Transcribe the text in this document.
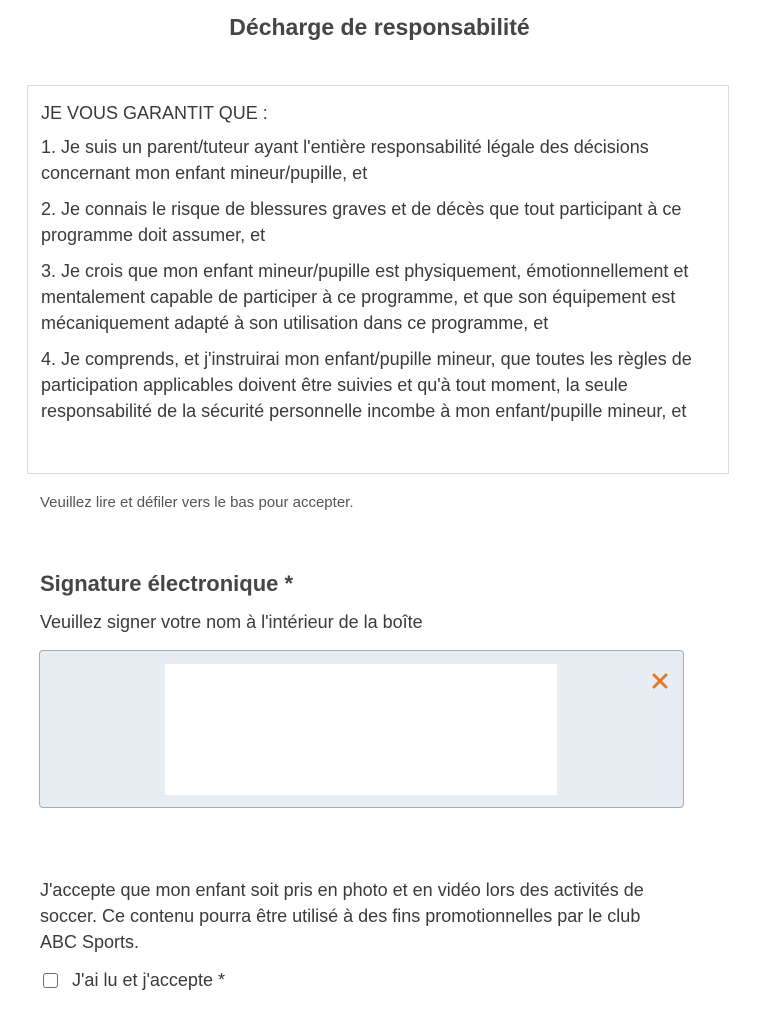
Décharge de responsabilité

JE VOUS GARANTIT QUE :

1. Je suis un parent/tuteur ayant l'entière responsabilité légale des décisions concernant mon enfant mineur/pupille, et

2. Je connais le risque de blessures graves et de décès que tout participant à ce programme doit assumer, et

3. Je crois que mon enfant mineur/pupille est physiquement, émotionnellement et mentalement capable de participer à ce programme, et que son équipement est mécaniquement adapté à son utilisation dans ce programme, et

4. Je comprends, et j'instruirai mon enfant/pupille mineur, que toutes les règles de participation applicables doivent être suivies et qu'à tout moment, la seule responsabilité de la sécurité personnelle incombe à mon enfant/pupille mineur, et

Veuillez lire et défiler vers le bas pour accepter.
Signature électronique *
Veuillez signer votre nom à l'intérieur de la boîte
J'accepte que mon enfant soit pris en photo et en vidéo lors des activités de soccer. Ce contenu pourra être utilisé à des fins promotionnelles par le club ABC Sports.
J'ai lu et j'accepte *
